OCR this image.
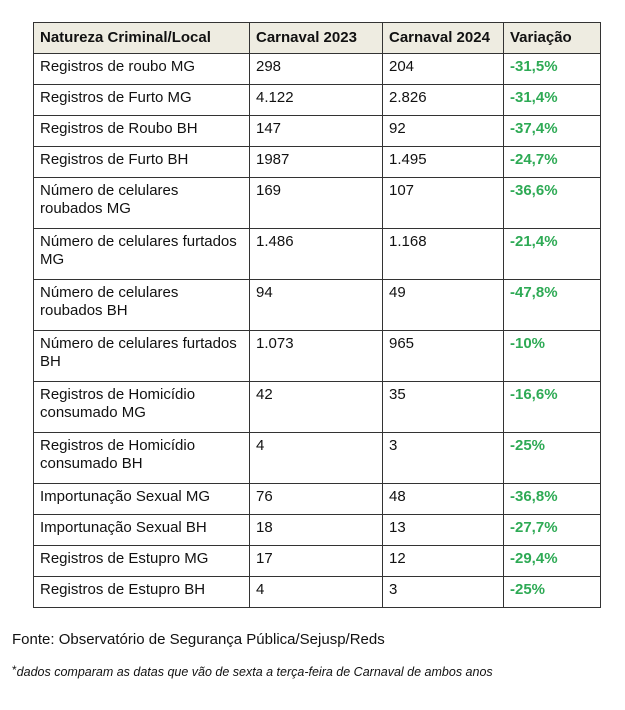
Natureza Criminal/Local	Carnaval 2023	Carnaval 2024	Variação
Registros de roubo MG	298	204	-31,5%
Registros de Furto MG	4.122	2.826	-31,4%
Registros de Roubo BH	147	92	-37,4%
Registros de Furto BH	1987	1.495	-24,7%
Número de celulares roubados MG	169	107	-36,6%
Número de celulares furtados MG	1.486	1.168	-21,4%
Número de celulares roubados BH	94	49	-47,8%
Número de celulares furtados BH	1.073	965	-10%
Registros de Homicídio consumado MG	42	35	-16,6%
Registros de Homicídio consumado BH	4	3	-25%
Importunação Sexual MG	76	48	-36,8%
Importunação Sexual BH	18	13	-27,7%
Registros de Estupro MG	17	12	-29,4%
Registros de Estupro BH	4	3	-25%

Fonte: Observatório de Segurança Pública/Sejusp/Reds

*dados comparam as datas que vão de sexta a terça-feira de Carnaval de ambos anos
